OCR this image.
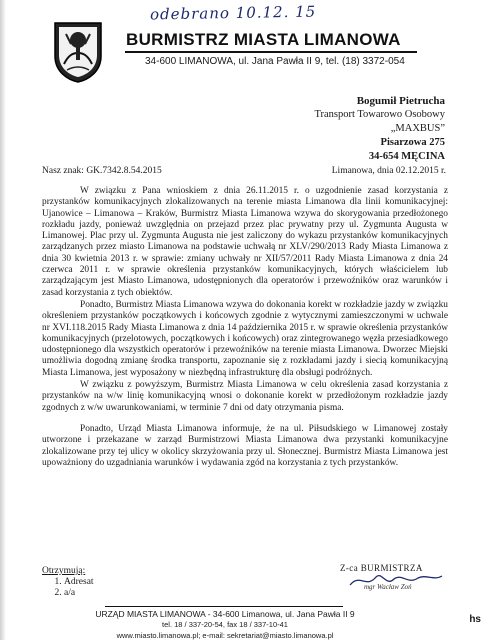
odebrano 10.12. 15
BURMISTRZ MIASTA LIMANOWA
34-600 LIMANOWA, ul. Jana Pawła II 9, tel. (18) 3372-054
Bogumił Pietrucha
Transport Towarowo Osobowy
„MAXBUS”
Pisarzowa 275
34-654 MĘCINA
Nasz znak: GK.7342.8.54.2015	Limanowa, dnia 02.12.2015 r.

W związku z Pana wnioskiem z dnia 26.11.2015 r. o uzgodnienie zasad korzystania z przystanków komunikacyjnych zlokalizowanych na terenie miasta Limanowa dla linii komunikacyjnej: Ujanowice – Limanowa – Kraków, Burmistrz Miasta Limanowa wzywa do skorygowania przedłożonego rozkładu jazdy, ponieważ uwzględnia on przejazd przez plac prywatny przy ul. Zygmunta Augusta w Limanowej. Plac przy ul. Zygmunta Augusta nie jest zaliczony do wykazu przystanków komunikacyjnych zarządzanych przez miasto Limanowa na podstawie uchwałą nr XLV/290/2013 Rady Miasta Limanowa z dnia 30 kwietnia 2013 r. w sprawie: zmiany uchwały nr XII/57/2011 Rady Miasta Limanowa z dnia 24 czerwca 2011 r. w sprawie określenia przystanków komunikacyjnych, których właścicielem lub zarządzającym jest Miasto Limanowa, udostępnionych dla operatorów i przewoźników oraz warunków i zasad korzystania z tych obiektów.

Ponadto, Burmistrz Miasta Limanowa wzywa do dokonania korekt w rozkładzie jazdy w związku określeniem przystanków początkowych i końcowych zgodnie z wytycznymi zamieszczonymi w uchwale nr XVI.118.2015 Rady Miasta Limanowa z dnia 14 października 2015 r. w sprawie określenia przystanków komunikacyjnych (przelotowych, początkowych i końcowych) oraz zintegrowanego węzła przesiadkowego udostępnionego dla wszystkich operatorów i przewoźników na terenie miasta Limanowa. Dworzec Miejski umożliwia dogodną zmianę środka transportu, zapoznanie się z rozkładami jazdy i siecią komunikacyjną Miasta Limanowa, jest wyposażony w niezbędną infrastrukturę dla obsługi podróżnych.

W związku z powyższym, Burmistrz Miasta Limanowa w celu określenia zasad korzystania z przystanków na w/w linię komunikacyjną wnosi o dokonanie korekt w przedłożonym rozkładzie jazdy zgodnych z w/w uwarunkowaniami, w terminie 7 dni od daty otrzymania pisma.

Ponadto, Urząd Miasta Limanowa informuje, że na ul. Piłsudskiego w Limanowej zostały utworzone i przekazane w zarząd Burmistrzowi Miasta Limanowa dwa przystanki komunikacyjne zlokalizowane przy tej ulicy w okolicy skrzyżowania przy ul. Słonecznej. Burmistrz Miasta Limanowa jest upoważniony do uzgadniania warunków i wydawania zgód na korzystania z tych przystanków.

Otrzymują:
1. Adresat
2. a/a
Z-ca BURMISTRZA
mgr Wacław Zoń
URZĄD MIASTA LIMANOWA - 34-600 Limanowa, ul. Jana Pawła II 9
tel. 18 / 337-20-54, fax 18 / 337-10-41
www.miasto.limanowa.pl; e-mail: sekretariat@miasto.limanowa.pl
hs
